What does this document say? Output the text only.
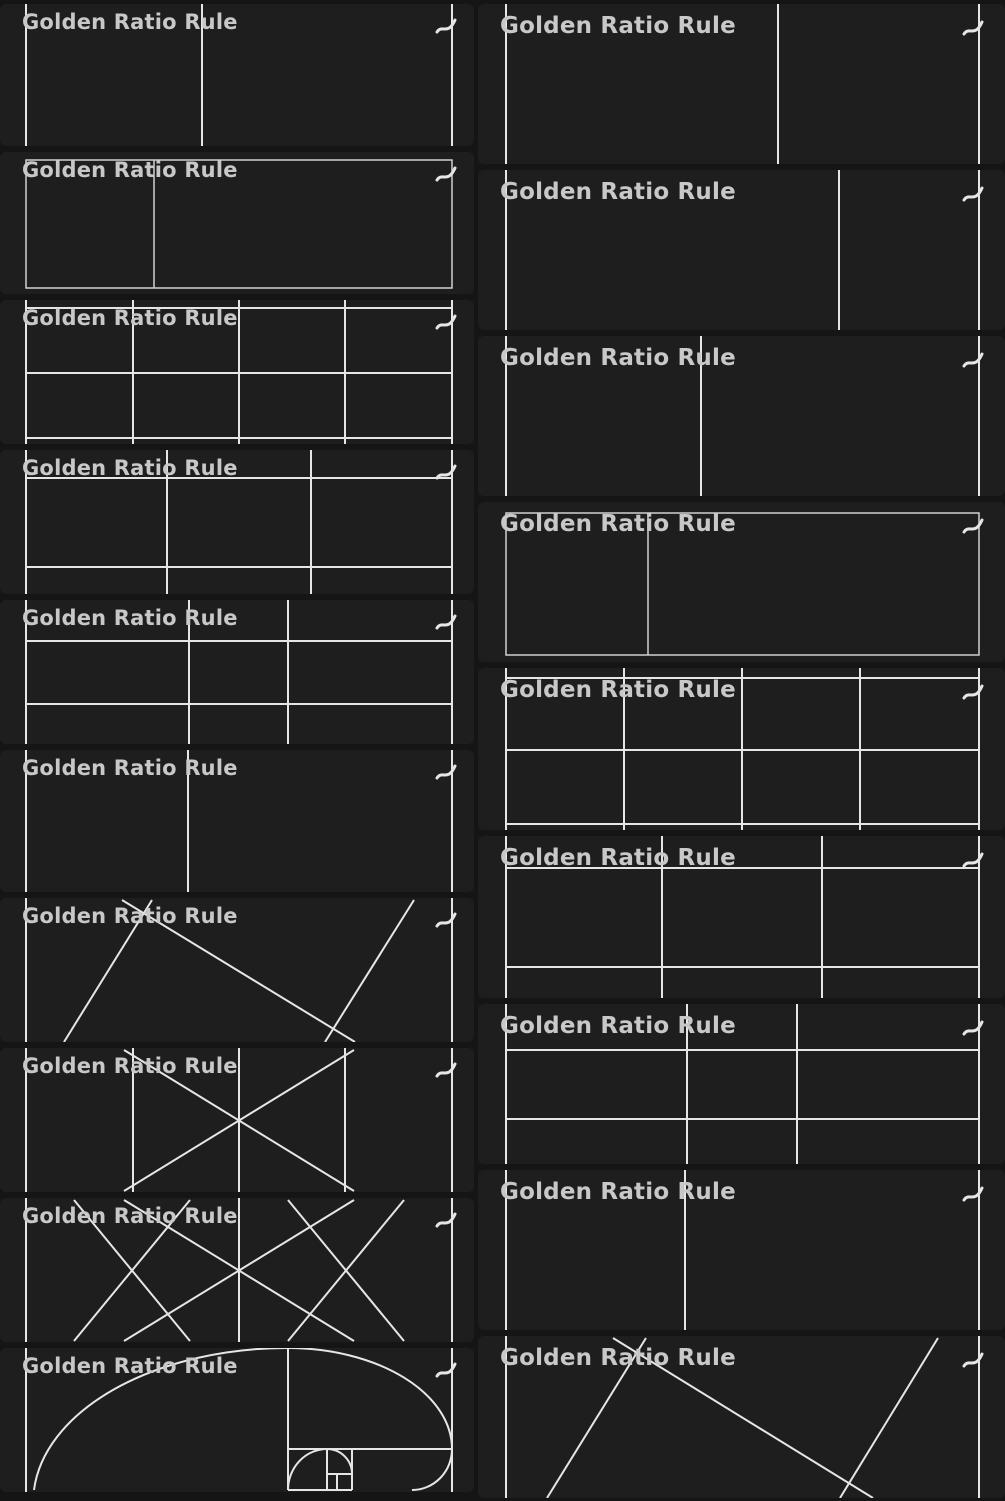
Golden Ratio Rule
Golden Ratio Rule
Golden Ratio Rule
Golden Ratio Rule
Golden Ratio Rule
Golden Ratio Rule
Golden Ratio Rule
Golden Ratio Rule
Golden Ratio Rule
Golden Ratio Rule
Golden Ratio Rule
Golden Ratio Rule
Golden Ratio Rule
Golden Ratio Rule
Golden Ratio Rule
Golden Ratio Rule
Golden Ratio Rule
Golden Ratio Rule
Golden Ratio Rule
